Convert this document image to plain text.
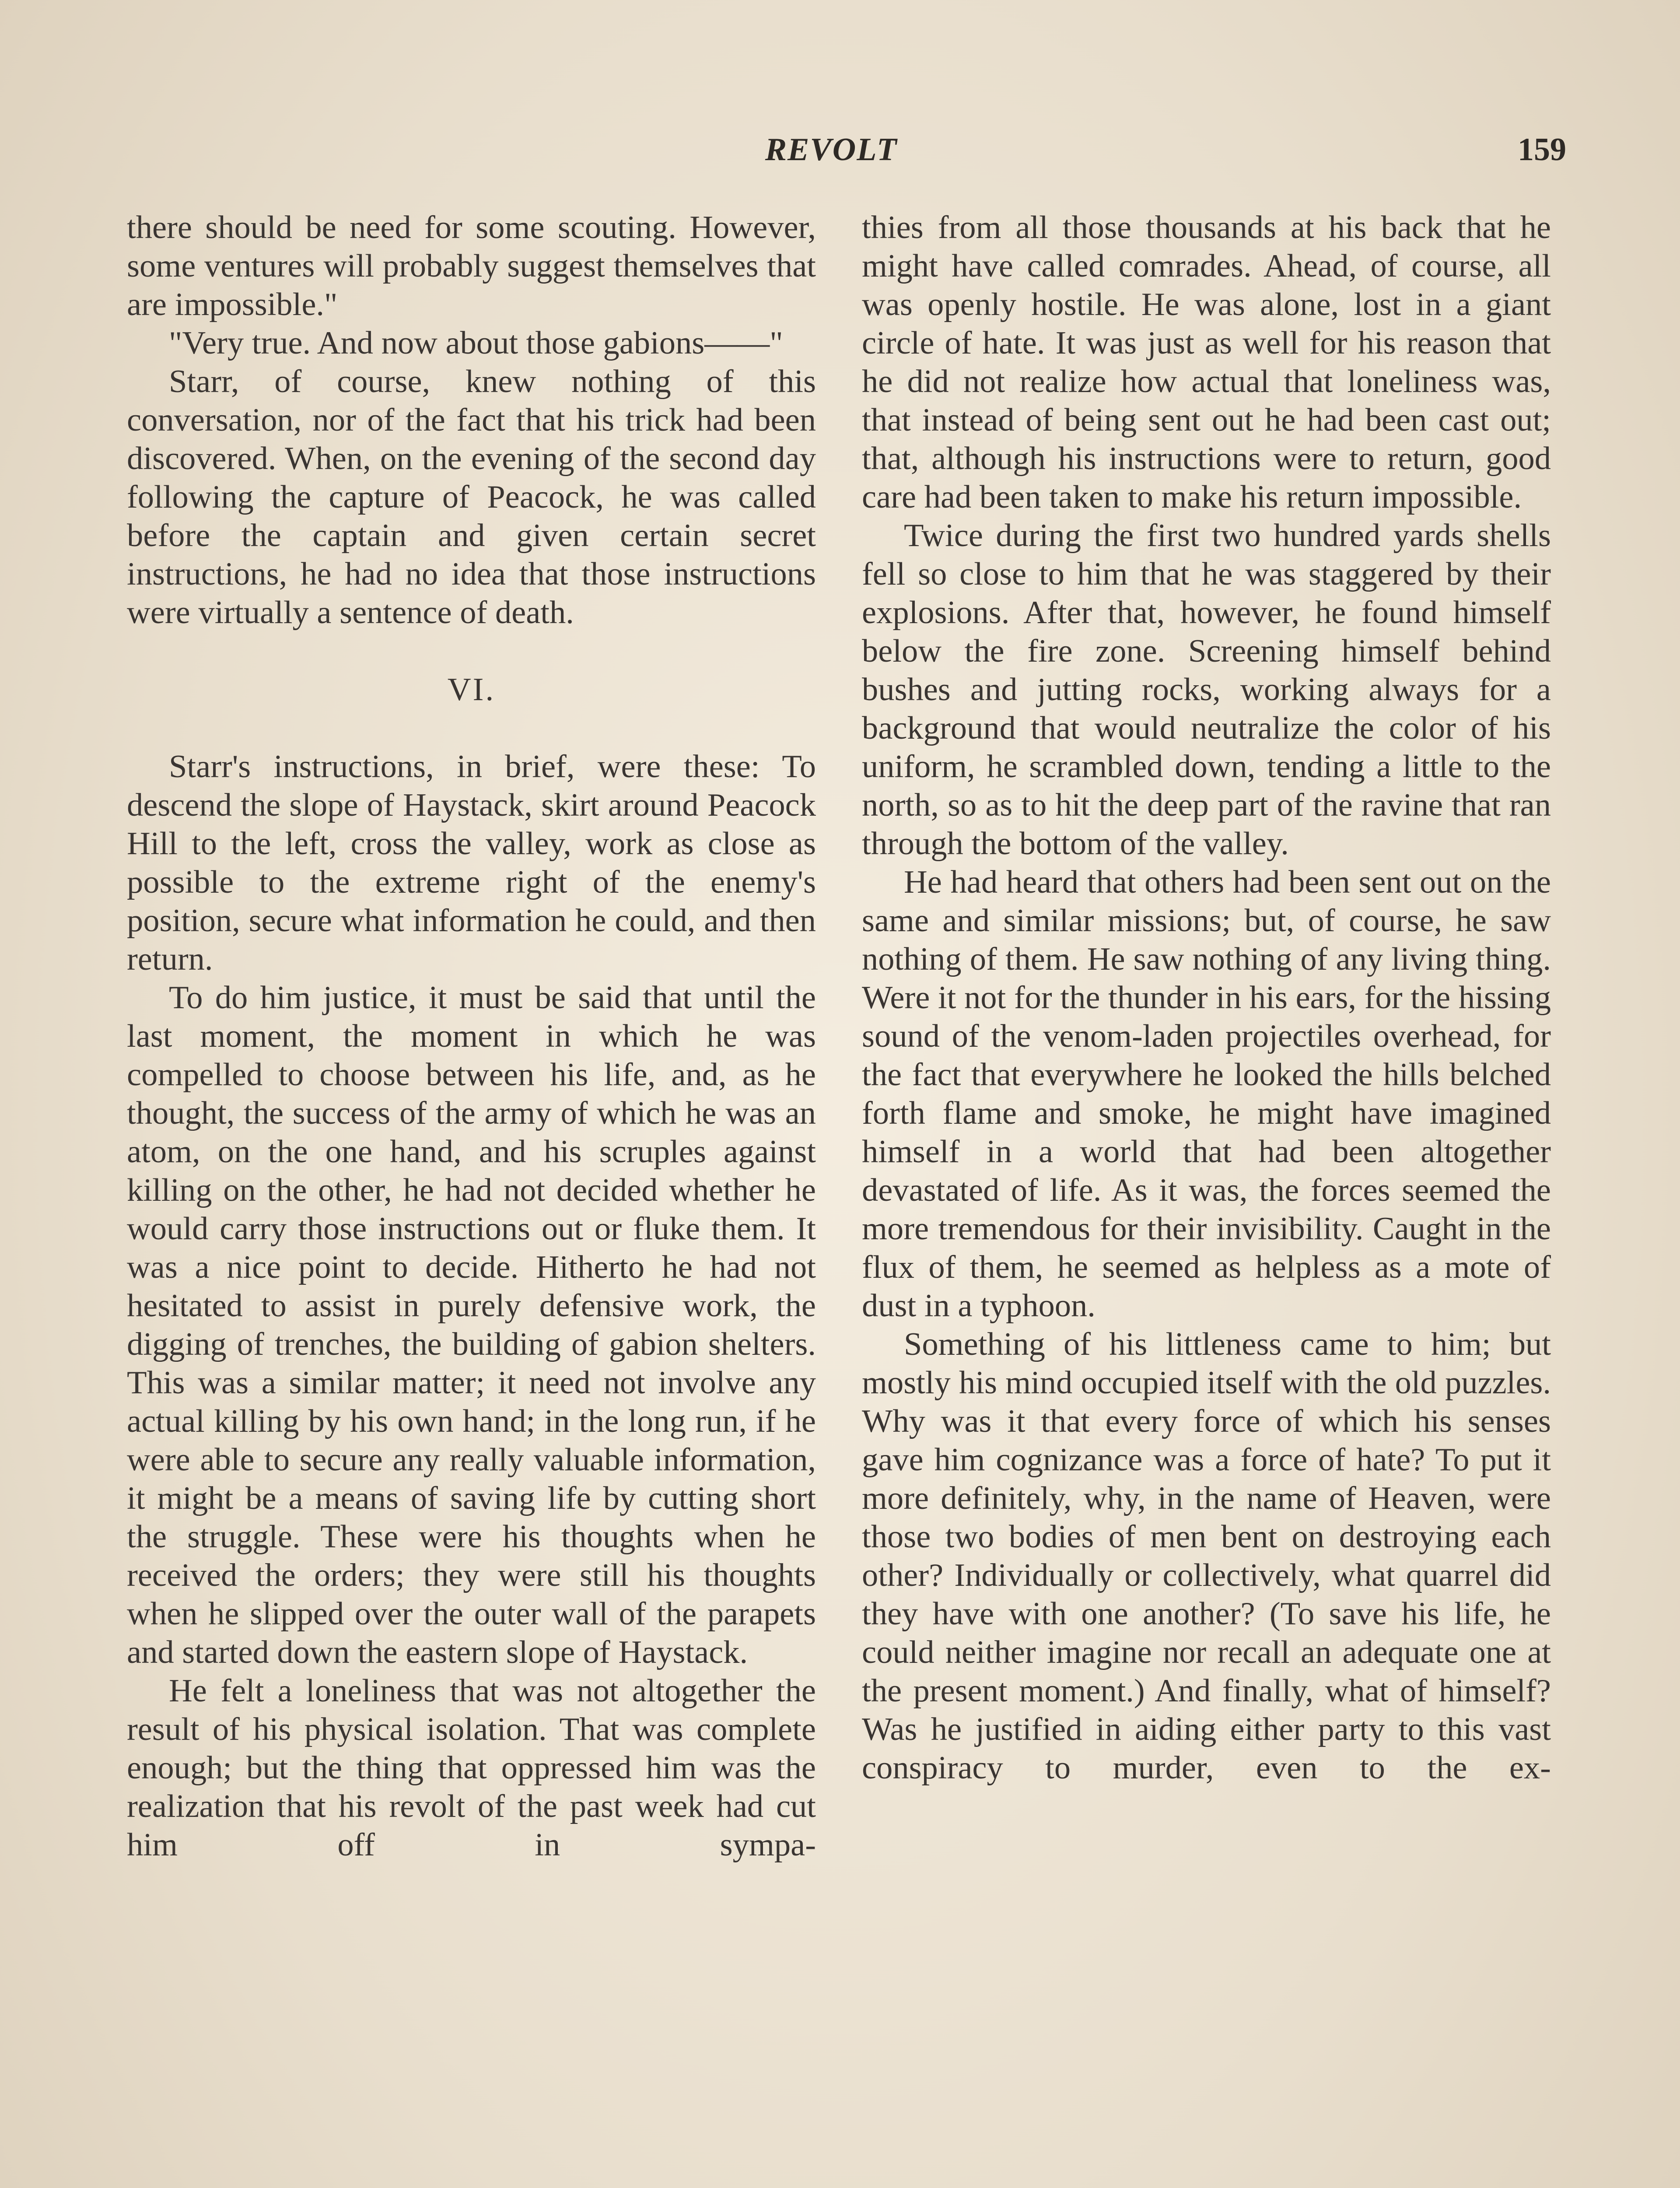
REVOLT	159

there should be need for some scouting. However, some ventures will probably suggest themselves that are impossible."

"Very true. And now about those gabions——"

Starr, of course, knew nothing of this conversation, nor of the fact that his trick had been discovered. When, on the evening of the second day following the capture of Peacock, he was called before the captain and given certain secret instructions, he had no idea that those instructions were virtually a sentence of death.

VI.

Starr's instructions, in brief, were these: To descend the slope of Haystack, skirt around Peacock Hill to the left, cross the valley, work as close as possible to the extreme right of the enemy's position, secure what information he could, and then return.

To do him justice, it must be said that until the last moment, the moment in which he was compelled to choose between his life, and, as he thought, the success of the army of which he was an atom, on the one hand, and his scruples against killing on the other, he had not decided whether he would carry those instructions out or fluke them. It was a nice point to decide. Hitherto he had not hesitated to assist in purely defensive work, the digging of trenches, the building of gabion shelters. This was a similar matter; it need not involve any actual killing by his own hand; in the long run, if he were able to secure any really valuable information, it might be a means of saving life by cutting short the struggle. These were his thoughts when he received the orders; they were still his thoughts when he slipped over the outer wall of the parapets and started down the eastern slope of Haystack.

He felt a loneliness that was not altogether the result of his physical isolation. That was complete enough; but the thing that oppressed him was the realization that his revolt of the past week had cut him off in sympa-

thies from all those thousands at his back that he might have called comrades. Ahead, of course, all was openly hostile. He was alone, lost in a giant circle of hate. It was just as well for his reason that he did not realize how actual that loneliness was, that instead of being sent out he had been cast out; that, although his instructions were to return, good care had been taken to make his return impossible.

Twice during the first two hundred yards shells fell so close to him that he was staggered by their explosions. After that, however, he found himself below the fire zone. Screening himself behind bushes and jutting rocks, working always for a background that would neutralize the color of his uniform, he scrambled down, tending a little to the north, so as to hit the deep part of the ravine that ran through the bottom of the valley.

He had heard that others had been sent out on the same and similar missions; but, of course, he saw nothing of them. He saw nothing of any living thing. Were it not for the thunder in his ears, for the hissing sound of the venom-laden projectiles overhead, for the fact that everywhere he looked the hills belched forth flame and smoke, he might have imagined himself in a world that had been altogether devastated of life. As it was, the forces seemed the more tremendous for their invisibility. Caught in the flux of them, he seemed as helpless as a mote of dust in a typhoon.

Something of his littleness came to him; but mostly his mind occupied itself with the old puzzles. Why was it that every force of which his senses gave him cognizance was a force of hate? To put it more definitely, why, in the name of Heaven, were those two bodies of men bent on destroying each other? Individually or collectively, what quarrel did they have with one another? (To save his life, he could neither imagine nor recall an adequate one at the present moment.) And finally, what of himself? Was he justified in aiding either party to this vast conspiracy to murder, even to the ex-
